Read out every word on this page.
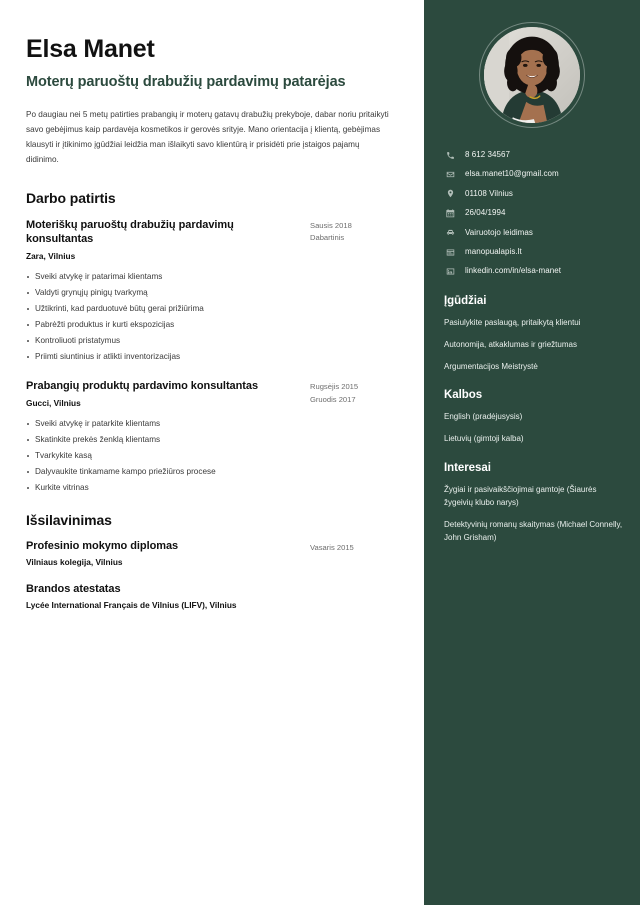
Elsa Manet
Moterų paruoštų drabužių pardavimų patarėjas

Po daugiau nei 5 metų patirties prabangių ir moterų gatavų drabužių prekyboje, dabar noriu pritaikyti savo gebėjimus kaip pardavėja kosmetikos ir gerovės srityje. Mano orientacija į klientą, gebėjimas klausyti ir įtikinimo įgūdžiai leidžia man išlaikyti savo klientūrą ir prisidėti prie įstaigos pajamų didinimo.

Darbo patirtis
Moteriškų paruoštų drabužių pardavimų konsultantas
Zara, Vilnius
Sveiki atvykę ir patarimai klientams
Valdyti grynųjų pinigų tvarkymą
Užtikrinti, kad parduotuvė būtų gerai prižiūrima
Pabrėžti produktus ir kurti ekspozicijas
Kontroliuoti pristatymus
Priimti siuntinius ir atlikti inventorizacijas
Sausis 2018
Dabartinis
Prabangių produktų pardavimo konsultantas
Gucci, Vilnius
Sveiki atvykę ir patarkite klientams
Skatinkite prekės ženklą klientams
Tvarkykite kasą
Dalyvaukite tinkamame kampo priežiūros procese
Kurkite vitrinas
Rugsėjis 2015
Gruodis 2017
Išsilavinimas
Profesinio mokymo diplomas
Vilniaus kolegija, Vilnius
Vasaris 2015
Brandos atestatas
Lycée International Français de Vilnius (LIFV), Vilnius
8 612 34567
elsa.manet10@gmail.com
01108 Vilnius
26/04/1994
Vairuotojo leidimas
manopualapis.lt
linkedin.com/in/elsa-manet
Įgūdžiai
Pasiulykite paslaugą, pritaikytą klientui
Autonomija, atkaklumas ir griežtumas
Argumentacijos Meistrystė
Kalbos
English (pradėjusysis)
Lietuvių (gimtoji kalba)
Interesai
Žygiai ir pasivaikščiojimai gamtoje (Šiaurės žygeivių klubo narys)
Detektyvinių romanų skaitymas (Michael Connelly, John Grisham)
